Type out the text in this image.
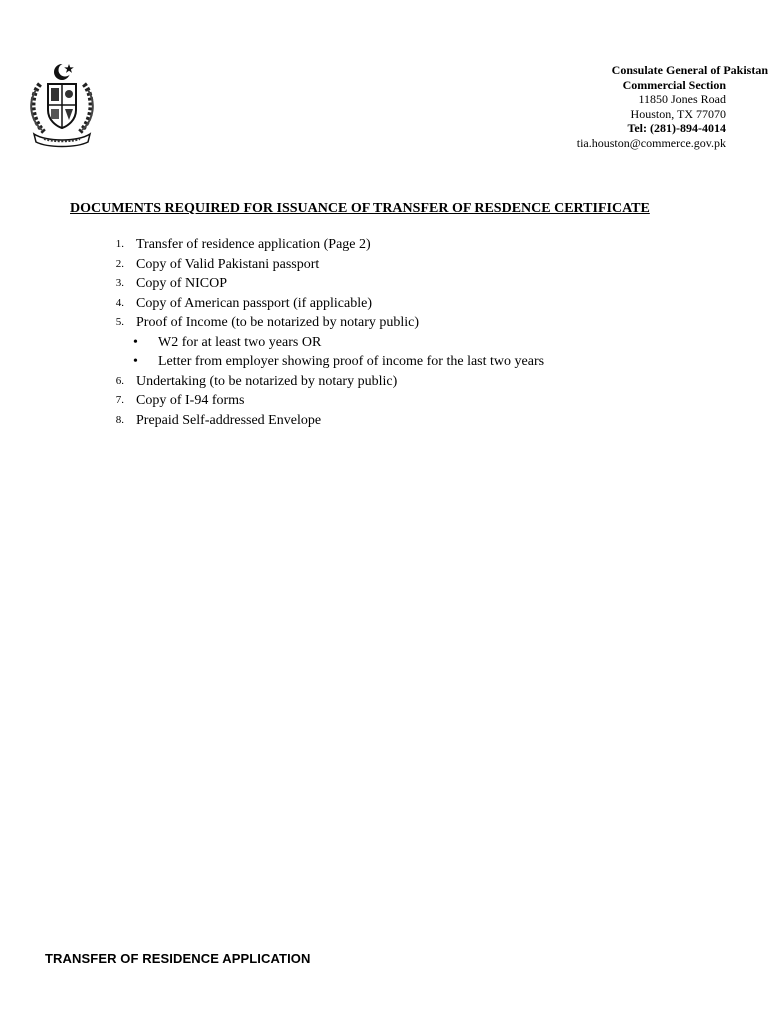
Consulate General of Pakistan
Commercial Section
11850 Jones Road
Houston, TX 77070
Tel: (281)-894-4014
tia.houston@commerce.gov.pk
DOCUMENTS REQUIRED FOR ISSUANCE OF TRANSFER OF RESDENCE CERTIFICATE
1. Transfer of residence application (Page 2)
2. Copy of Valid Pakistani passport
3. Copy of NICOP
4. Copy of American passport (if applicable)
5. Proof of Income (to be notarized by notary public)
• W2 for at least two years OR
• Letter from employer showing proof of income for the last two years
6. Undertaking (to be notarized by notary public)
7. Copy of I-94 forms
8. Prepaid Self-addressed Envelope
TRANSFER OF RESIDENCE APPLICATION
